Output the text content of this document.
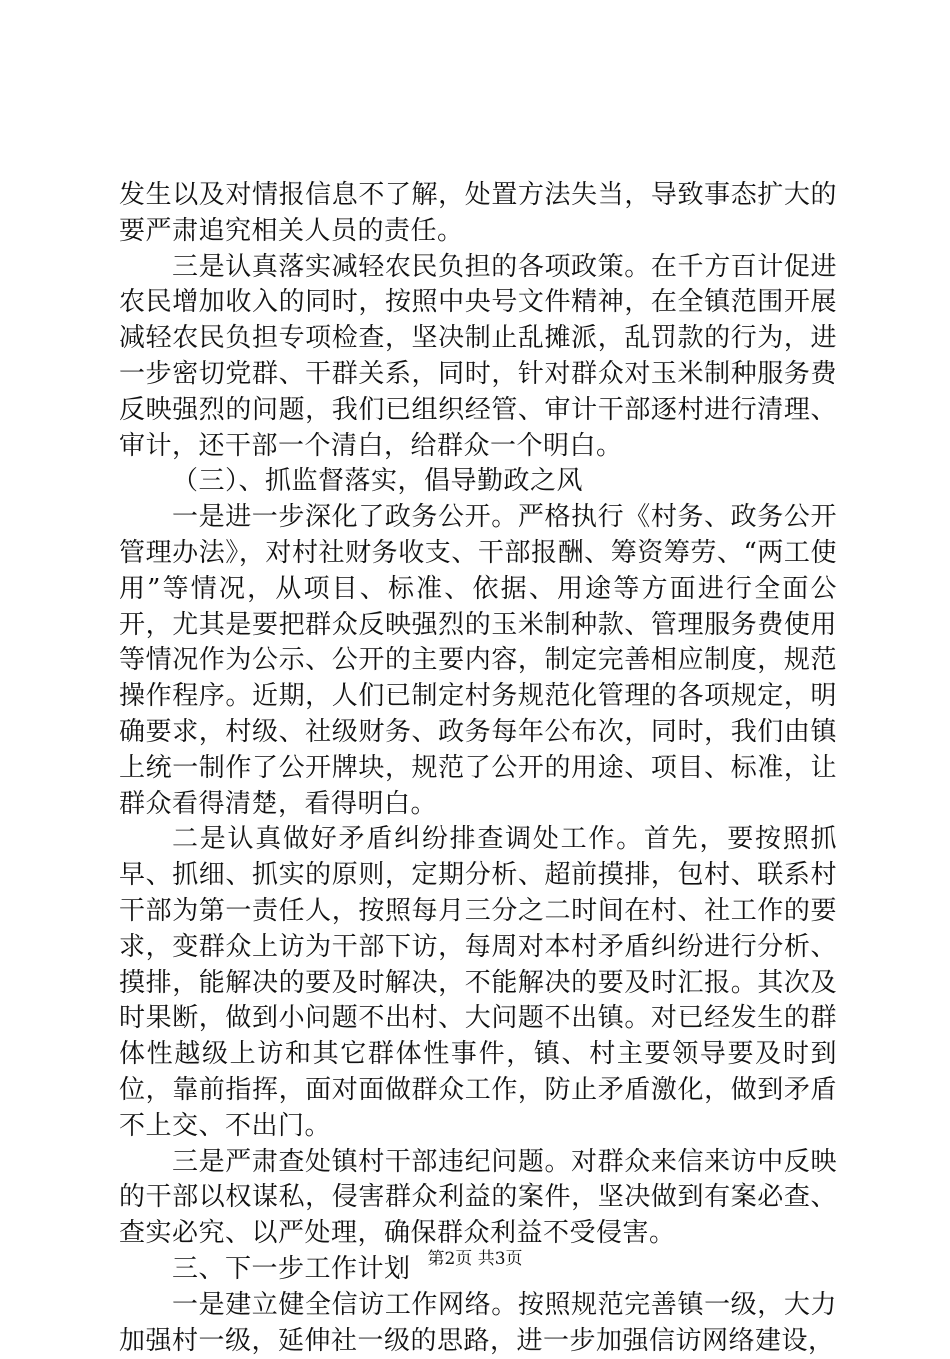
发生以及对情报信息不了解，处置方法失当，导致事态扩大的要严肃追究相关人员的责任。

三是认真落实减轻农民负担的各项政策。在千方百计促进农民增加收入的同时，按照中央号文件精神，在全镇范围开展减轻农民负担专项检查，坚决制止乱摊派，乱罚款的行为，进一步密切党群、干群关系，同时，针对群众对玉米制种服务费反映强烈的问题，我们已组织经管、审计干部逐村进行清理、审计，还干部一个清白，给群众一个明白。

（三）、抓监督落实，倡导勤政之风

一是进一步深化了政务公开。严格执行《村务、政务公开管理办法》，对村社财务收支、干部报酬、筹资筹劳、“两工使用”等情况，从项目、标准、依据、用途等方面进行全面公开，尤其是要把群众反映强烈的玉米制种款、管理服务费使用等情况作为公示、公开的主要内容，制定完善相应制度，规范操作程序。近期，人们已制定村务规范化管理的各项规定，明确要求，村级、社级财务、政务每年公布次，同时，我们由镇上统一制作了公开牌块，规范了公开的用途、项目、标准，让群众看得清楚，看得明白。

二是认真做好矛盾纠纷排查调处工作。首先，要按照抓早、抓细、抓实的原则，定期分析、超前摸排，包村、联系村干部为第一责任人，按照每月三分之二时间在村、社工作的要求，变群众上访为干部下访，每周对本村矛盾纠纷进行分析、摸排，能解决的要及时解决，不能解决的要及时汇报。其次及时果断，做到小问题不出村、大问题不出镇。对已经发生的群体性越级上访和其它群体性事件，镇、村主要领导要及时到位，靠前指挥，面对面做群众工作，防止矛盾激化，做到矛盾不上交、不出门。

三是严肃查处镇村干部违纪问题。对群众来信来访中反映的干部以权谋私，侵害群众利益的案件，坚决做到有案必查、查实必究、以严处理，确保群众利益不受侵害。

三、下一步工作计划

一是建立健全信访工作网络。按照规范完善镇一级，大力加强村一级，延伸社一级的思路，进一步加强信访网络建设，

第2页 共3页
